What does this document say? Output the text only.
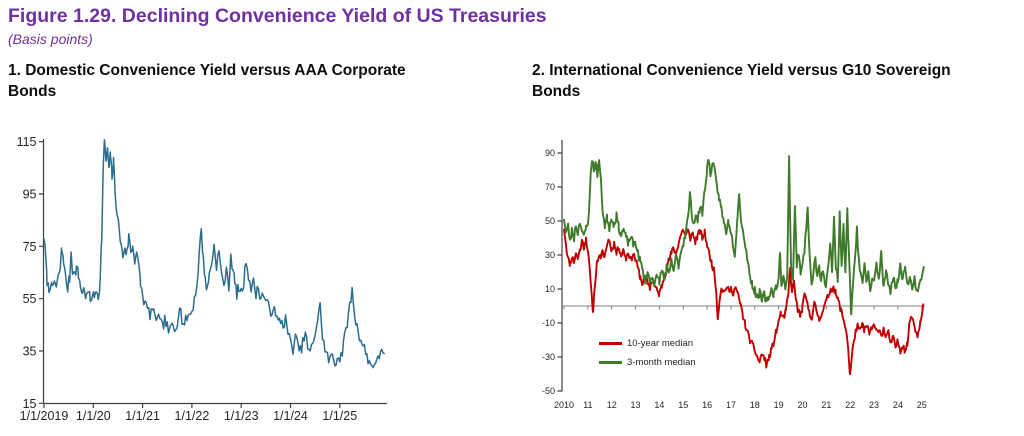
Figure 1.29. Declining Convenience Yield of US Treasuries
(Basis points)
1. Domestic Convenience Yield versus AAA Corporate Bonds
2. International Convenience Yield versus G10 Sovereign Bonds
115
95
75
55
35
15
1/1/2019 1/1/20 1/1/21 1/1/22 1/1/23 1/1/24 1/1/25
90
70
50
30
10
-10
-30
-50
2010 11 12 13 14 15 16 17 18 19 20 21 22 23 24 25
10-year median
3-month median
